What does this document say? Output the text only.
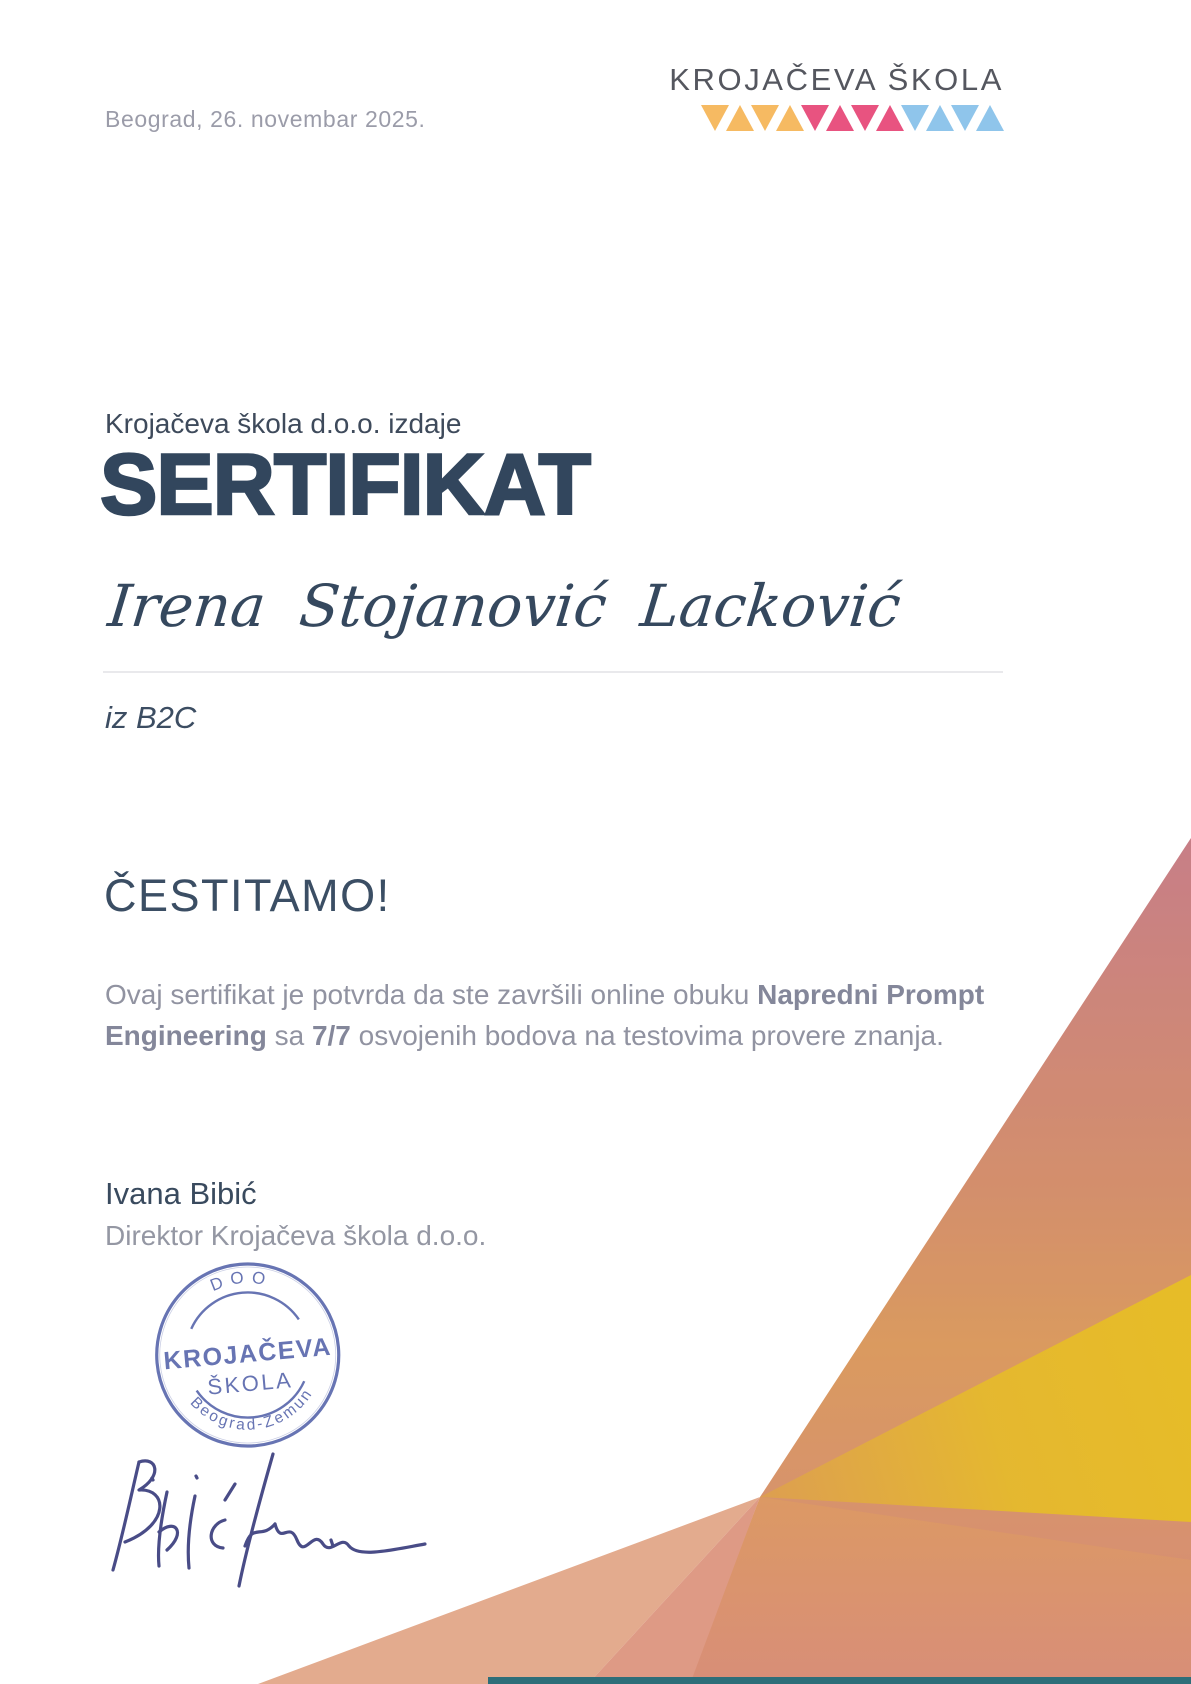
Beograd, 26. novembar 2025.
KROJAČEVA ŠKOLA
Krojačeva škola d.o.o. izdaje
SERTIFIKAT
Irena Stojanović Lacković
iz B2C
ČESTITAMO!

Ovaj sertifikat je potvrda da ste završili online obuku Napredni Prompt Engineering sa 7/7 osvojenih bodova na testovima provere znanja.

Ivana Bibić
Direktor Krojačeva škola d.o.o.
DOO
KROJAČEVA
ŠKOLA
Beograd-Zemun
